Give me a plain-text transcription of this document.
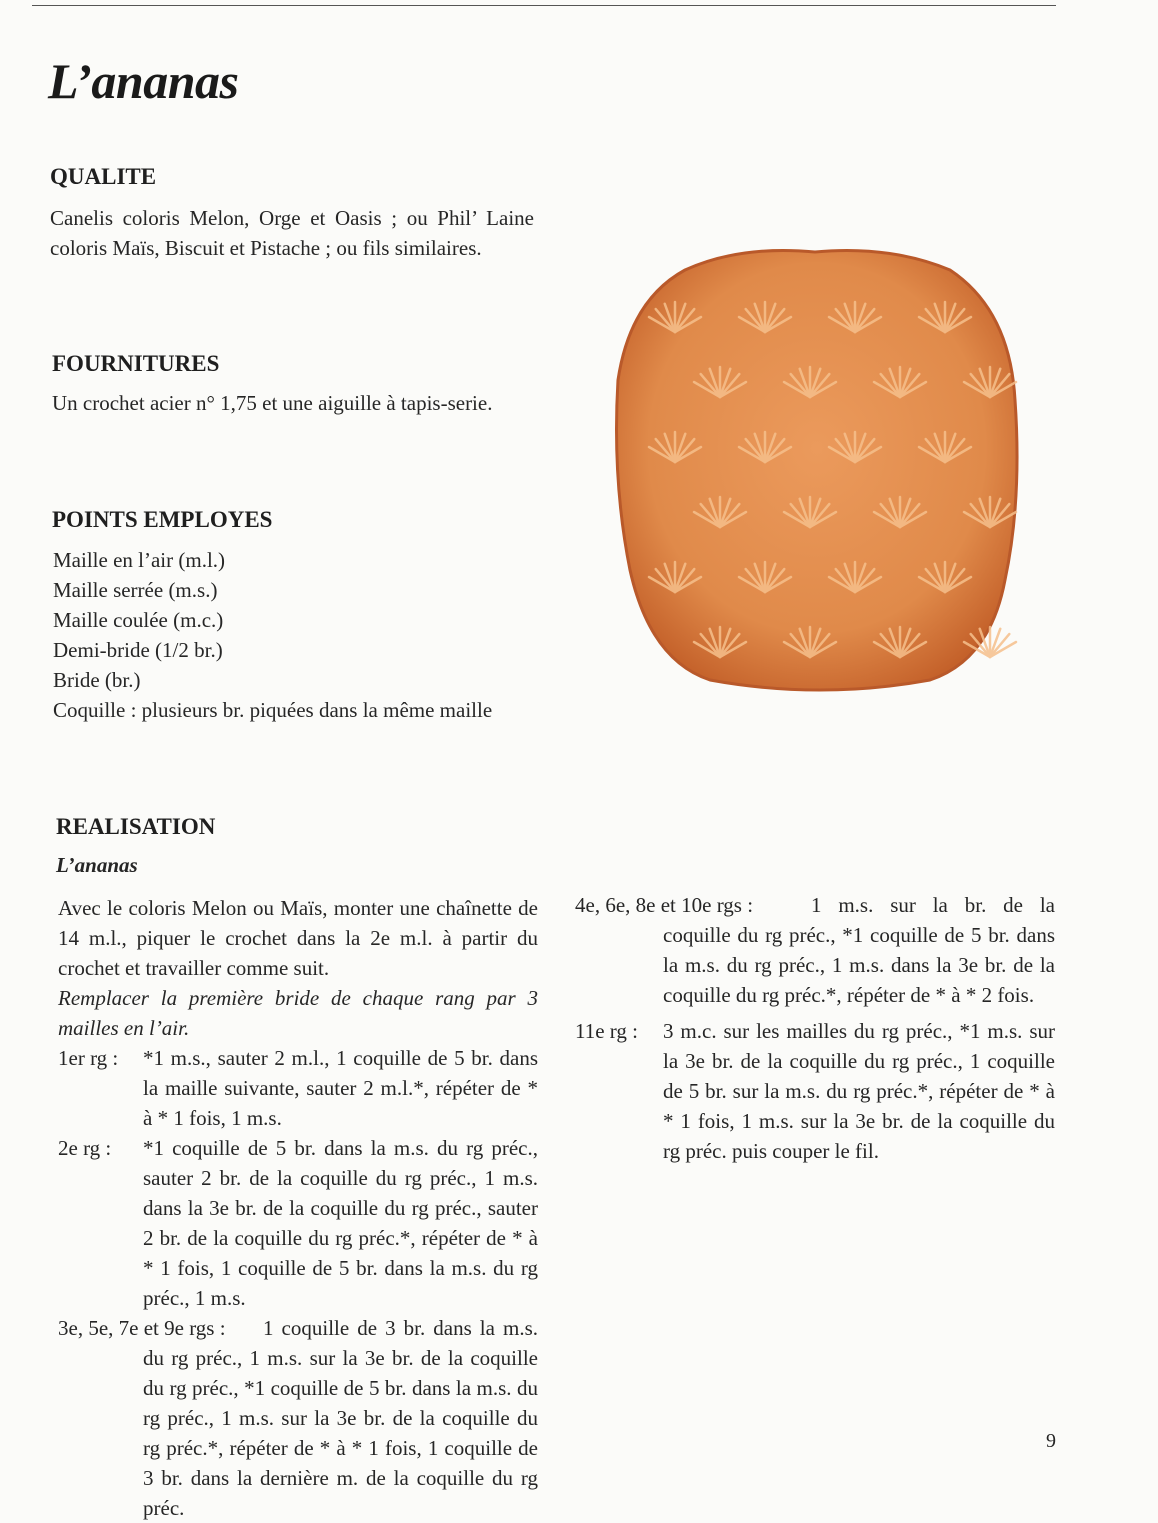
L’ananas
QUALITE
Canelis coloris Melon, Orge et Oasis ; ou Phil’ Laine coloris Maïs, Biscuit et Pistache ; ou fils similaires.
FOURNITURES
Un crochet acier n° 1,75 et une aiguille à tapis-serie.
POINTS EMPLOYES
Maille en l’air (m.l.)
Maille serrée (m.s.)
Maille coulée (m.c.)
Demi-bride (1/2 br.)
Bride (br.)
Coquille : plusieurs br. piquées dans la même maille
REALISATION
L’ananas
Avec le coloris Melon ou Maïs, monter une chaînette de 14 m.l., piquer le crochet dans la 2e m.l. à partir du crochet et travailler comme suit.
Remplacer la première bride de chaque rang par 3 mailles en l’air.
1er rg : *1 m.s., sauter 2 m.l., 1 coquille de 5 br. dans la maille suivante, sauter 2 m.l.*, répéter de * à * 1 fois, 1 m.s.
2e rg : *1 coquille de 5 br. dans la m.s. du rg préc., sauter 2 br. de la coquille du rg préc., 1 m.s. dans la 3e br. de la coquille du rg préc., sauter 2 br. de la coquille du rg préc.*, répéter de * à * 1 fois, 1 coquille de 5 br. dans la m.s. du rg préc., 1 m.s.
3e, 5e, 7e et 9e rgs :	1 coquille de 3 br. dans la m.s. du rg préc., 1 m.s. sur la 3e br. de la coquille du rg préc., *1 coquille de 5 br. dans la m.s. du rg préc., 1 m.s. sur la 3e br. de la coquille du rg préc.*, répéter de * à * 1 fois, 1 coquille de 3 br. dans la dernière m. de la coquille du rg préc.
4e, 6e, 8e et 10e rgs :	1 m.s. sur la br. de la coquille du rg préc., *1 coquille de 5 br. dans la m.s. du rg préc., 1 m.s. dans la 3e br. de la coquille du rg préc.*, répéter de * à * 2 fois.
11e rg : 3 m.c. sur les mailles du rg préc., *1 m.s. sur la 3e br. de la coquille du rg préc., 1 coquille de 5 br. sur la m.s. du rg préc.*, répéter de * à * 1 fois, 1 m.s. sur la 3e br. de la coquille du rg préc. puis couper le fil.
9
